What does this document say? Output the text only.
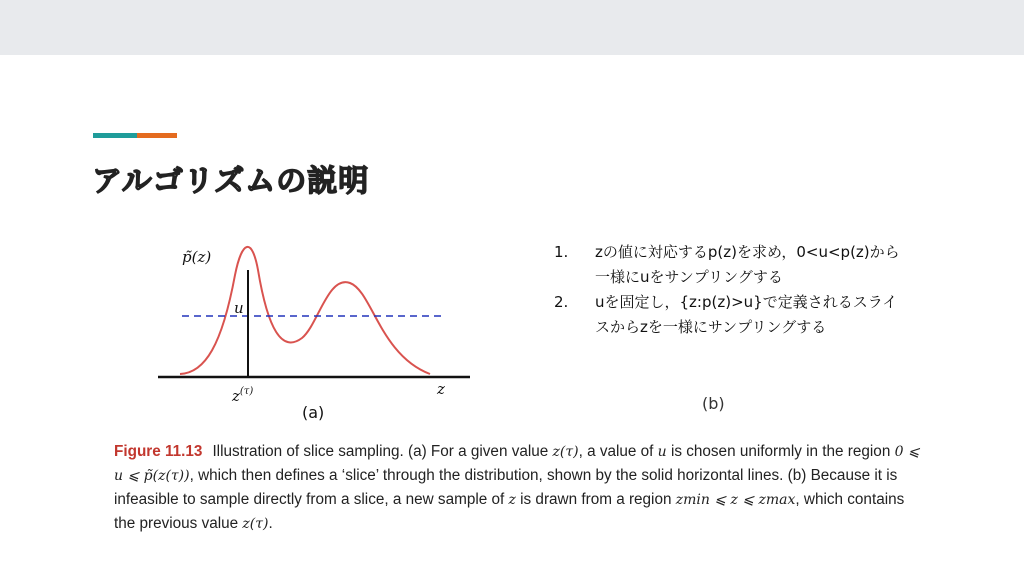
アルゴリズムの説明
p̃(z)
u
$z^{(\tau)}$	z
(a)	(b)
1. zの値に対応するp(z)を求め，0<u<p(z)から一様にuをサンプリングする
2. uを固定し，{z:p(z)>u}で定義されるスライスからzを一様にサンプリングする

Figure 11.13 Illustration of slice sampling. (a) For a given value z(τ), a value of u is chosen uniformly in the region 0 ⩽ u ⩽ p̃(z(τ)), which then defines a ‘slice’ through the distribution, shown by the solid horizontal lines. (b) Because it is infeasible to sample directly from a slice, a new sample of z is drawn from a region zmin ⩽ z ⩽ zmax, which contains the previous value z(τ).
